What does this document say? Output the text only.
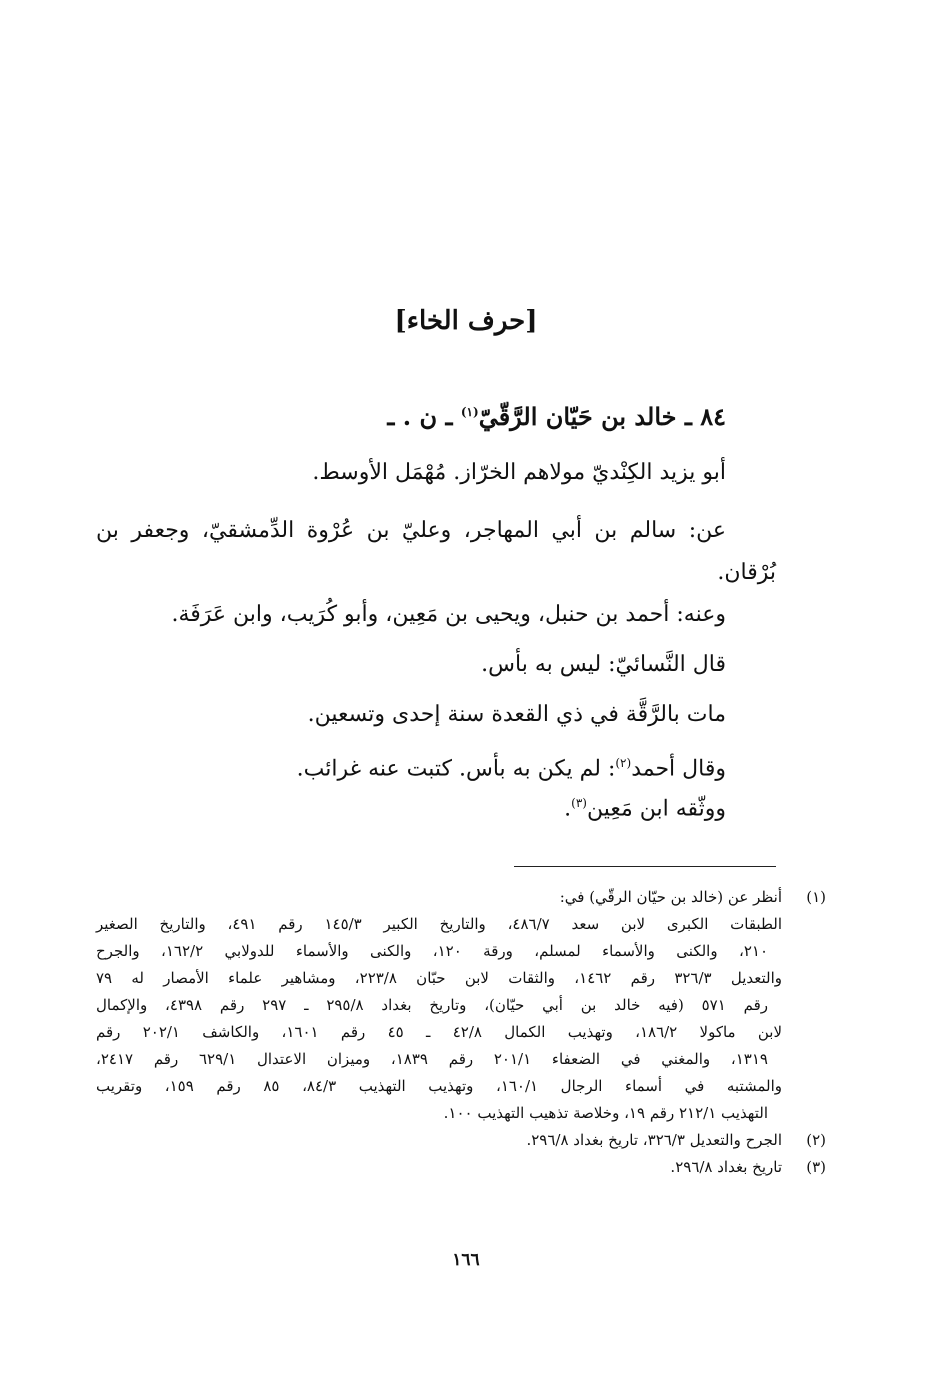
[حرف الخاء]
٨٤ ـ خالد بن حَيّان الرَّقّيّ$^{(١)}$ ـ ن . ـ
أبو يزيد الكِنْديّ مولاهم الخرّاز. مُهْمَل الأوسط.
عن: سالم بن أبي المهاجر، وعليّ بن عُرْوة الدِّمشقيّ، وجعفر بن
بُرْقان.
وعنه: أحمد بن حنبل، ويحيى بن مَعِين، وأبو كُرَيب، وابن عَرَفَة.
قال النَّسائيّ: ليس به بأس.
مات بالرَّقَّة في ذي القعدة سنة إحدى وتسعين.
وقال أحمد$^{(٢)}$: لم يكن به بأس. كتبت عنه غرائب.
ووثّقه ابن مَعِين$^{(٣)}$.
(١)
أنظر عن (خالد بن حيّان الرقّي) في:
الطبقات الكبرى لابن سعد ٤٨٦/٧، والتاريخ الكبير ١٤٥/٣ رقم ٤٩١، والتاريخ الصغير
٢١٠، والكنى والأسماء لمسلم، ورقة ١٢٠، والكنى والأسماء للدولابي ١٦٢/٢، والجرح
والتعديل ٣٢٦/٣ رقم ١٤٦٢، والثقات لابن حبّان ٢٢٣/٨، ومشاهير علماء الأمصار له ٧٩
رقم ٥٧١ (فيه خالد بن أبي حيّان)، وتاريخ بغداد ٢٩٥/٨ ـ ٢٩٧ رقم ٤٣٩٨، والإكمال
لابن ماكولا ١٨٦/٢، وتهذيب الكمال ٤٢/٨ ـ ٤٥ رقم ١٦٠١، والكاشف ٢٠٢/١ رقم
١٣١٩، والمغني في الضعفاء ٢٠١/١ رقم ١٨٣٩، وميزان الاعتدال ٦٢٩/١ رقم ٢٤١٧،
والمشتبه في أسماء الرجال ١٦٠/١، وتهذيب التهذيب ٨٤/٣، ٨٥ رقم ١٥٩، وتقريب
التهذيب ٢١٢/١ رقم ١٩، وخلاصة تذهيب التهذيب ١٠٠.
(٢)
الجرح والتعديل ٣٢٦/٣، تاريخ بغداد ٢٩٦/٨.
(٣)
تاريخ بغداد ٢٩٦/٨.
١٦٦
